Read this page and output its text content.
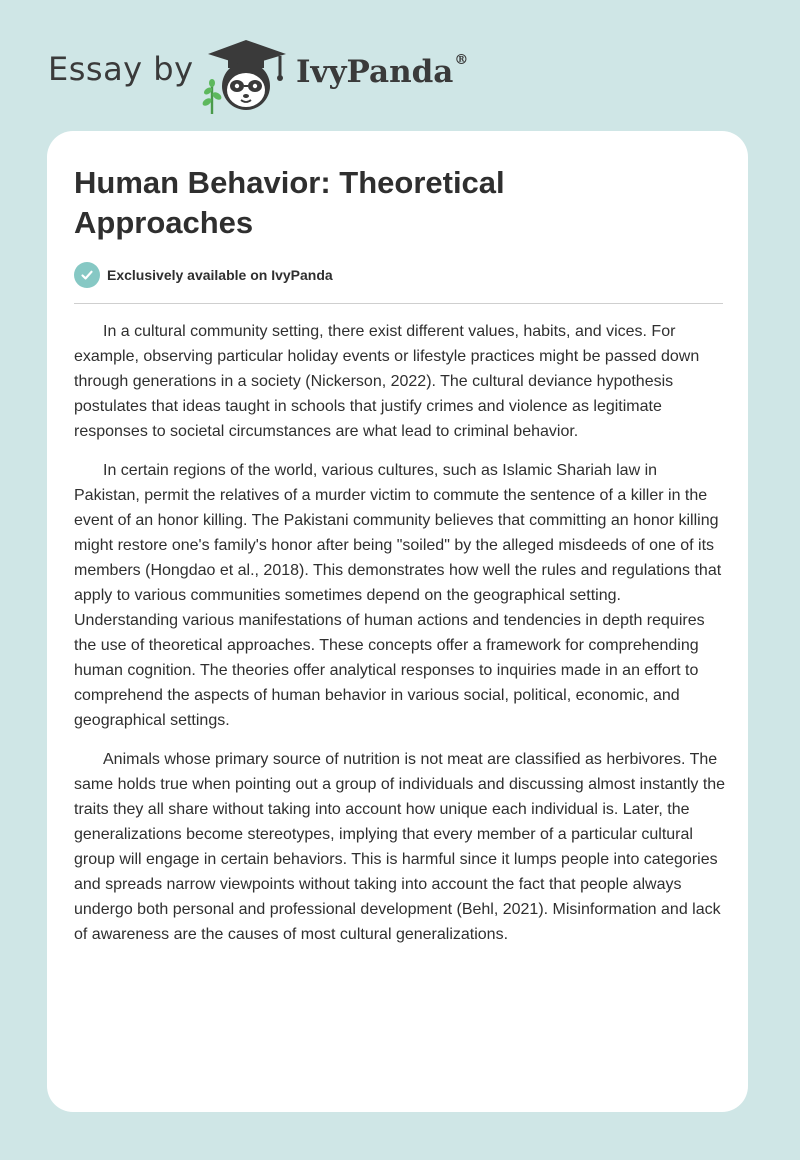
Essay by	IvyPanda®
Human Behavior: Theoretical Approaches
Exclusively available on IvyPanda

In a cultural community setting, there exist different values, habits, and vices. For example, observing particular holiday events or lifestyle practices might be passed down through generations in a society (Nickerson, 2022). The cultural deviance hypothesis postulates that ideas taught in schools that justify crimes and violence as legitimate responses to societal circumstances are what lead to criminal behavior.

In certain regions of the world, various cultures, such as Islamic Shariah law in Pakistan, permit the relatives of a murder victim to commute the sentence of a killer in the event of an honor killing. The Pakistani community believes that committing an honor killing might restore one's family's honor after being "soiled" by the alleged misdeeds of one of its members (Hongdao et al., 2018). This demonstrates how well the rules and regulations that apply to various communities sometimes depend on the geographical setting. Understanding various manifestations of human actions and tendencies in depth requires the use of theoretical approaches. These concepts offer a framework for comprehending human cognition. The theories offer analytical responses to inquiries made in an effort to comprehend the aspects of human behavior in various social, political, economic, and geographical settings.

Animals whose primary source of nutrition is not meat are classified as herbivores. The same holds true when pointing out a group of individuals and discussing almost instantly the traits they all share without taking into account how unique each individual is. Later, the generalizations become stereotypes, implying that every member of a particular cultural group will engage in certain behaviors. This is harmful since it lumps people into categories and spreads narrow viewpoints without taking into account the fact that people always undergo both personal and professional development (Behl, 2021). Misinformation and lack of awareness are the causes of most cultural generalizations.
